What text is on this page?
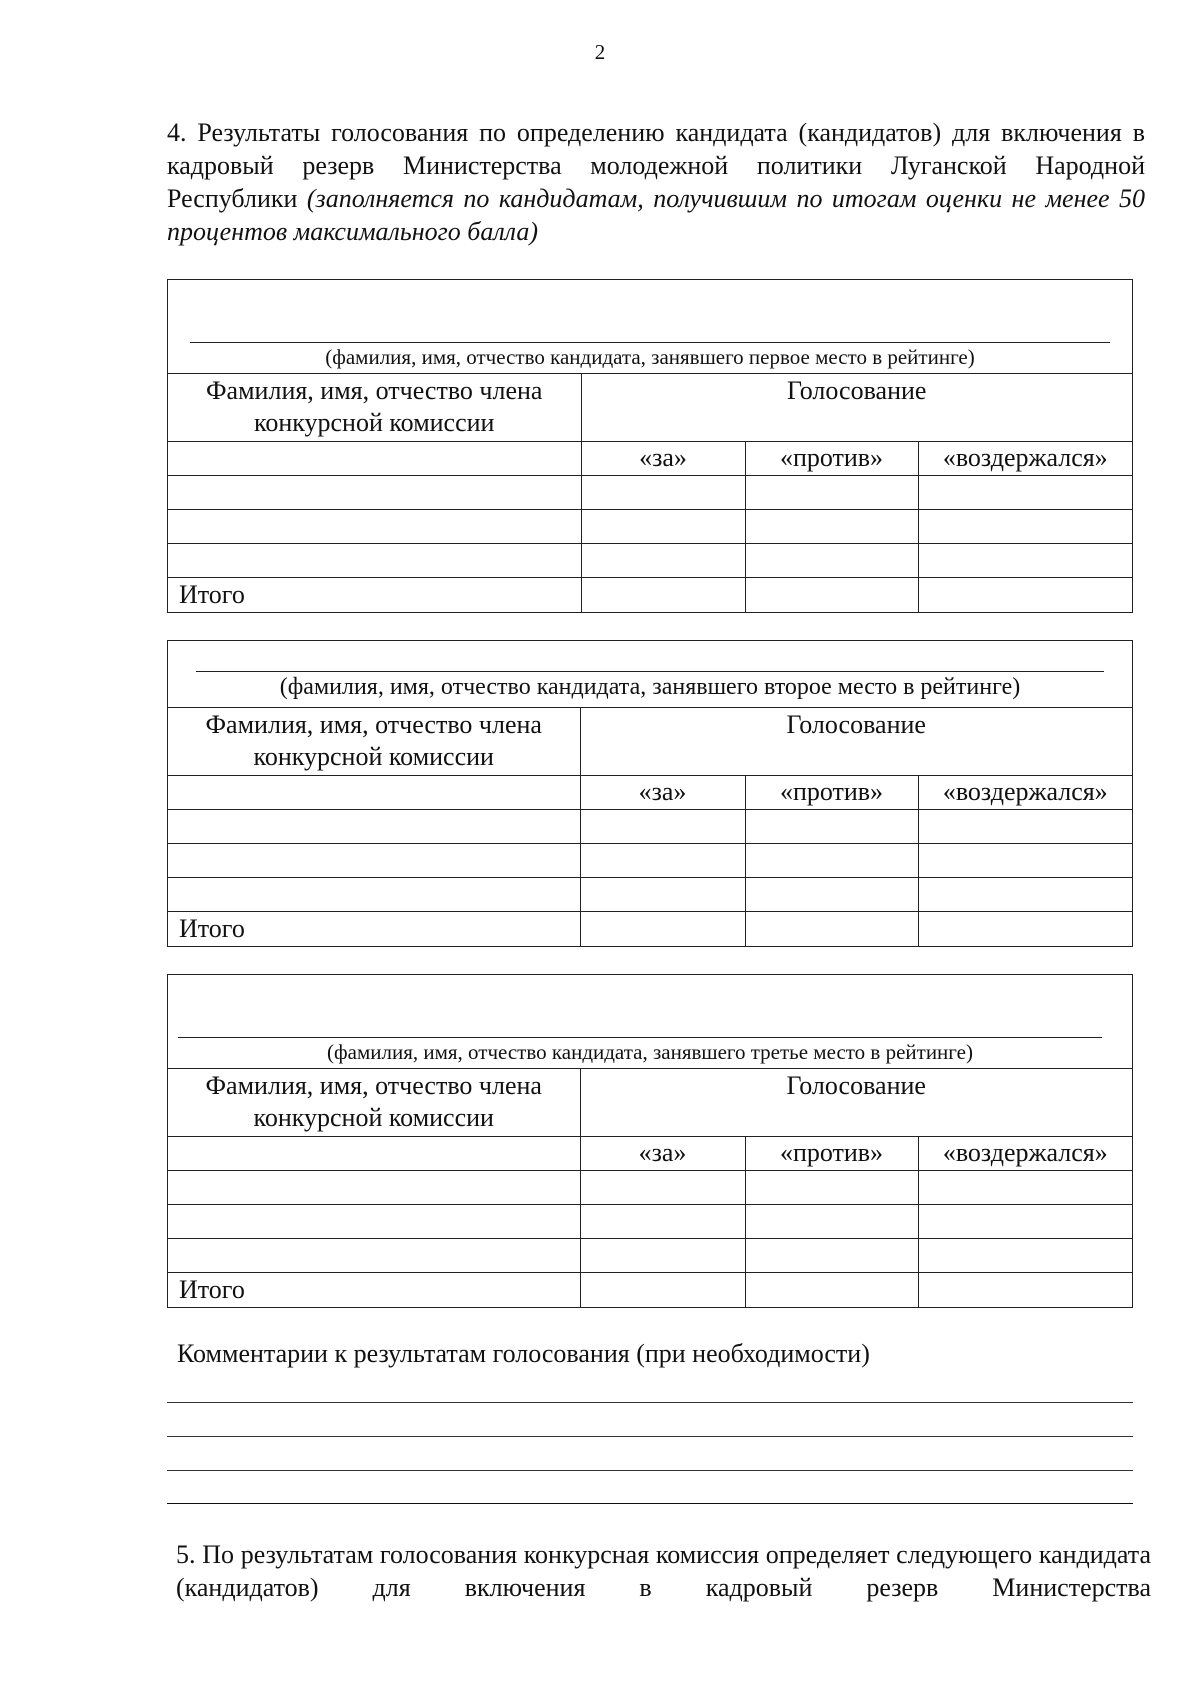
2
4. Результаты голосования по определению кандидата (кандидатов) для включения в кадровый резерв Министерства молодежной политики Луганской Народной Республики (заполняется по кандидатам, получившим по итогам оценки не менее 50 процентов максимального балла)
(фамилия, имя, отчество кандидата, занявшего первое место в рейтинге)
Фамилия, имя, отчество члена конкурсной комиссии	Голосование		

	«за»	«против»	«воздержался»

Итого			
(фамилия, имя, отчество кандидата, занявшего второе место в рейтинге)
Фамилия, имя, отчество члена конкурсной комиссии	Голосование		

	«за»	«против»	«воздержался»

Итого			
(фамилия, имя, отчество кандидата, занявшего третье место в рейтинге)
Фамилия, имя, отчество члена конкурсной комиссии	Голосование		

	«за»	«против»	«воздержался»

Итого			
Комментарии к результатам голосования (при необходимости)
5. По результатам голосования конкурсная комиссия определяет следующего кандидата (кандидатов) для включения в кадровый резерв Министерства
